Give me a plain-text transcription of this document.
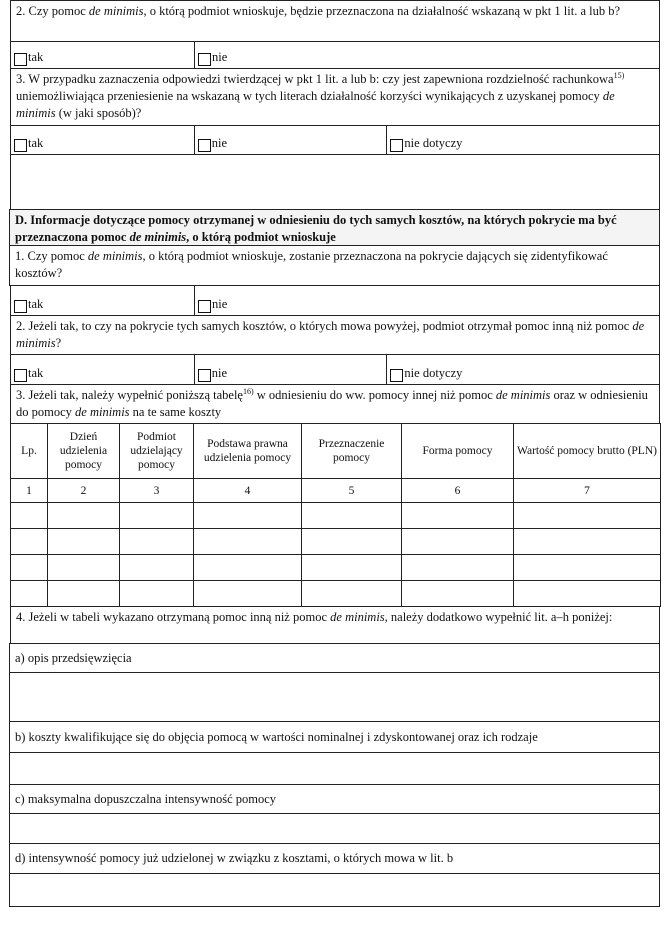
2. Czy pomoc de minimis, o którą podmiot wnioskuje, będzie przeznaczona na działalność wskazaną w pkt 1 lit. a lub b?
tak	nie
3. W przypadku zaznaczenia odpowiedzi twierdzącej w pkt 1 lit. a lub b: czy jest zapewniona rozdzielność rachunkowa$^{15)}$ uniemożliwiająca przeniesienie na wskazaną w tych literach działalność korzyści wynikających z uzyskanej pomocy de minimis (w jaki sposób)?
tak	nie	nie dotyczy
D. Informacje dotyczące pomocy otrzymanej w odniesieniu do tych samych kosztów, na których pokrycie ma być przeznaczona pomoc de minimis, o którą podmiot wnioskuje
1. Czy pomoc de minimis, o którą podmiot wnioskuje, zostanie przeznaczona na pokrycie dających się zidentyfikować kosztów?
tak	nie
2. Jeżeli tak, to czy na pokrycie tych samych kosztów, o których mowa powyżej, podmiot otrzymał pomoc inną niż pomoc de minimis?
tak	nie	nie dotyczy
3. Jeżeli tak, należy wypełnić poniższą tabelę$^{16)}$ w odniesieniu do ww. pomocy innej niż pomoc de minimis oraz w odniesieniu do pomocy de minimis na te same koszty
Lp.	Dzień udzielenia pomocy	Podmiot udzielający pomocy	Podstawa prawna udzielenia pomocy	Przeznaczenie pomocy	Forma pomocy	Wartość pomocy brutto (PLN)
1	2	3	4	5	6	7

4. Jeżeli w tabeli wykazano otrzymaną pomoc inną niż pomoc de minimis, należy dodatkowo wypełnić lit. a–h poniżej:
a) opis przedsięwzięcia
b) koszty kwalifikujące się do objęcia pomocą w wartości nominalnej i zdyskontowanej oraz ich rodzaje
c) maksymalna dopuszczalna intensywność pomocy
d) intensywność pomocy już udzielonej w związku z kosztami, o których mowa w lit. b
